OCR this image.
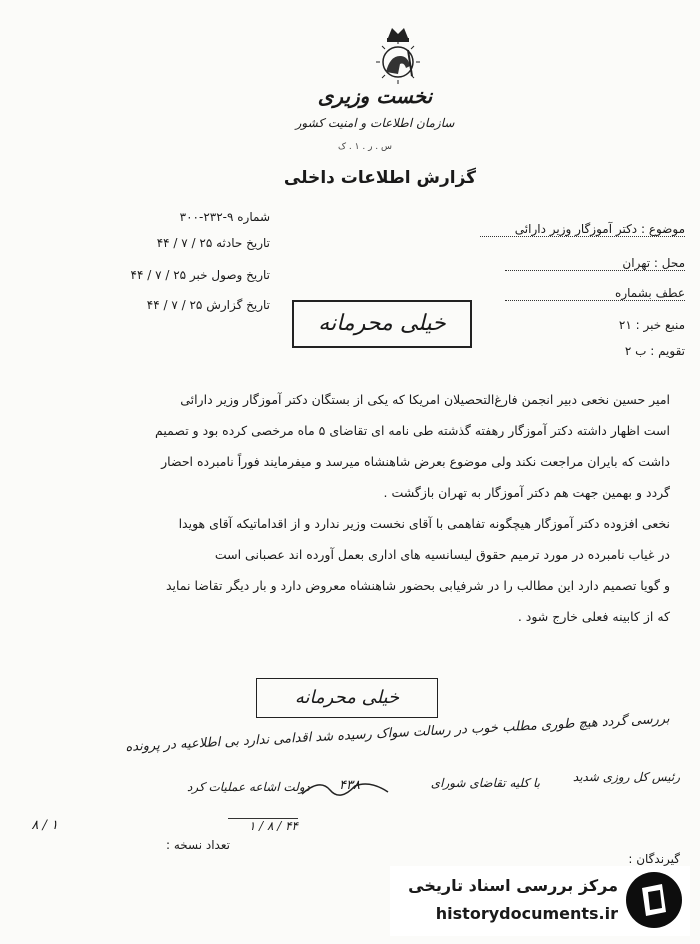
نخست وزیری
سازمان اطلاعات و امنیت کشور
س . ر . ۱ . ک
گزارش اطلاعات داخلی
شماره ۹-۲۳۲-۳۰۰
تاریخ حادثه ۲۵ / ۷ / ۴۴
تاریخ وصول خبر ۲۵ / ۷ / ۴۴
تاریخ گزارش ۲۵ / ۷ / ۴۴
موضوع : دکتر آموزگار وزیر دارائی
محل : تهران
عطف بشماره
منبع خبر : ۲۱
تقویم : ب ۲
خیلی محرمانه
امیر حسین نخعی دبیر انجمن فارغ‌التحصیلان امریکا که یکی از بستگان دکتر آموزگار وزیر دارائی
است اظهار داشته دکتر آموزگار رهفته گذشته طی نامه ای تقاضای ۵ ماه مرخصی کرده بود و تصمیم
داشت که بایران مراجعت نکند ولی موضوع بعرض شاهنشاه میرسد و میفرمایند فوراً نامبرده احضار
گردد و بهمین جهت هم دکتر آموزگار به تهران بازگشت .
نخعی افزوده دکتر آموزگار هیچگونه تفاهمی با آقای نخست وزیر ندارد و از اقداماتیکه آقای هویدا
در غیاب نامبرده در مورد ترمیم حقوق لیسانسیه های اداری بعمل آورده اند عصبانی است
و گویا تصمیم دارد این مطالب را در شرفیابی بحضور شاهنشاه معروض دارد و بار دیگر تقاضا نماید
که از کابینه فعلی خارج شود .
خیلی محرمانه
بررسی گردد هیچ طوری مطلب خوب در رسالت سواک رسیده شد اقدامی ندارد بی اطلاعیه در پرونده
دولت اشاعه عملیات کرد	۴۳۸	با کلیه تقاضای شورای	رئیس کل روزی شدید
۱ / ۸	۴۴ / ۸ / ۱
تعداد نسخه :
گیرندگان :
مرکز بررسی اسناد تاریخی
historydocuments.ir
